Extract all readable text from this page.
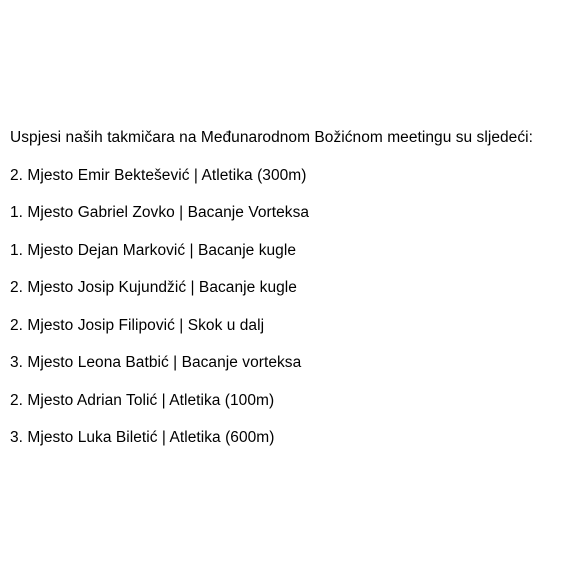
Uspjesi naših takmičara na Međunarodnom Božićnom meetingu su sljedeći:
2. Mjesto Emir Bektešević | Atletika (300m)
1. Mjesto Gabriel Zovko | Bacanje Vorteksa
1. Mjesto Dejan Marković | Bacanje kugle
2. Mjesto Josip Kujundžić | Bacanje kugle
2. Mjesto Josip Filipović | Skok u dalj
3. Mjesto Leona Batbić | Bacanje vorteksa
2. Mjesto Adrian Tolić | Atletika (100m)
3. Mjesto Luka Biletić | Atletika (600m)
